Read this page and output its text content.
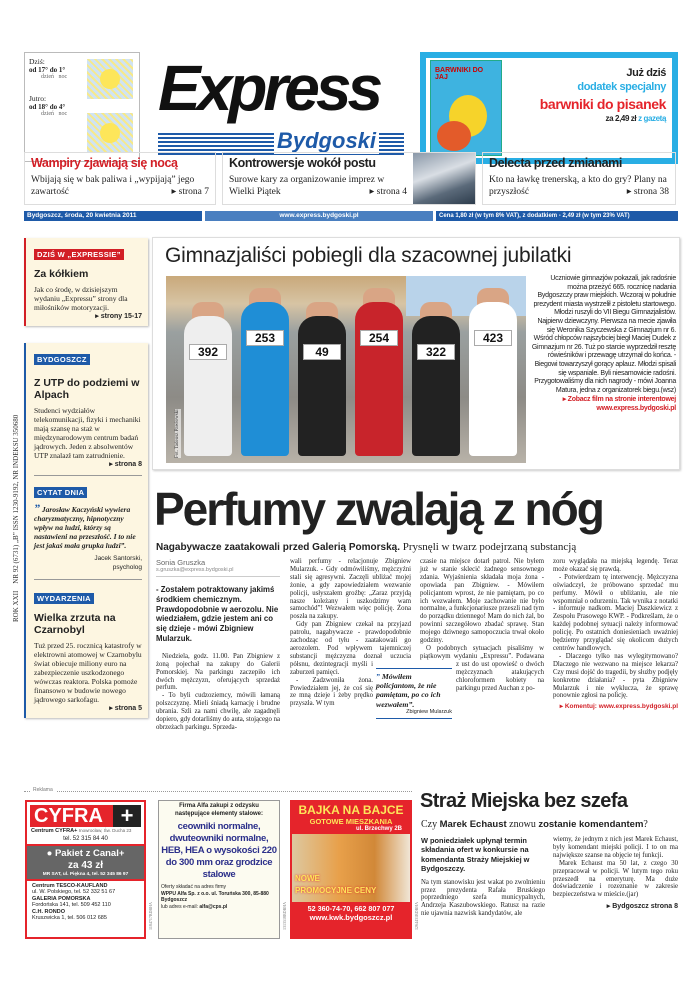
Dziś:
od 17° do 1°
dzień noc
Jutro:
od 18° do 4°
dzień noc	Express
Bydgoski
BARWNIKI DO JAJ	Już dziś
dodatek specjalny
barwniki do pisanek
za 2,49 zł z gazetą
Wampiry zjawiają się nocą
Wbijają się w bak paliwa i „wypijają” jego zawartość	▸ strona 7
Kontrowersje wokół postu
Surowe kary za organizowanie imprez w Wielki Piątek	▸ strona 4
Delecta przed zmianami
Kto na ławkę trenerską, a kto do gry? Plany na przyszłość	▸ strona 38
Bydgoszcz, środa, 20 kwietnia 2011	www.express.bydgoski.pl	Cena 1,80 zł (w tym 8% VAT), z dodatkiem - 2,49 zł (w tym 23% VAT)
ROK XXII    NR 92 (6731) „B” ISSN 1230-9192, NR INDEKSU 350680
DZIŚ W „EXPRESSIE”
Za kółkiem
Jak co środę, w dzisiejszym wydaniu „Expressu” strony dla miłośników motoryzacji.
▸ strony 15-17
BYDGOSZCZ
Z UTP do podziemi w Alpach
Studenci wydziałów telekomunikacji, fizyki i mechaniki mają szansę na staż w międzynarodowym centrum badań jądrowych. Jeden z absolwentów UTP znalazł tam zatrudnienie.
▸ strona 8
CYTAT DNIA
” Jarosław Kaczyński wywiera charyzmatyczny, hipnotyczny wpływ na ludzi, którzy są nastawieni na przeszłość. I to nie jest jakaś mała grupka ludzi”.
Jacek Santorski,
psycholog
WYDARZENIA
Wielka zrzuta na Czarnobyl
Tuż przed 25. rocznicą katastrofy w elektrowni atomowej w Czarnobylu świat obiecuje miliony euro na zabezpieczenie uszkodzonego wówczas reaktora. Polska pomoże finansowo w budowie nowego jądrowego sarkofagu.
▸ strona 5
Gimnazjaliści pobiegli dla szacownej jubilatki
392
253
49
254
322
423
Fot. Tadeusz Pawłowski
Uczniowie gimnazjów pokazali, jak radośnie można przeżyć 665. rocznicę nadania Bydgoszczy praw miejskich. Wczoraj w południe prezydent miasta wystrzelił z pistoletu startowego. Młodzi ruszyli do VII Biegu Gimnazjalistów. Najpierw dziewczyny. Pierwsza na mecie zjawiła się Weronika Szyczewska z Gimnazjum nr 6. Wśród chłopców najszybciej biegł Maciej Dudek z Gimnazjum nr 26. Tuż po starcie wyprzedził resztę rówieśników i przewagę utrzymał do końca. - Biegowi towarzyszył gorący aplauz. Młodzi spisali się wspaniale. Byli niesamowicie radośni. Przygotowaliśmy dla nich nagrody - mówi Joanna Matura, jedna z organizatorek biegu.(wsz)
▸ Zobacz film na stronie interentowej www.express.bydgoski.pl
Perfumy zwalają z nóg
Nagabywacze zaatakowali przed Galerią Pomorską. Prysnęli w twarz podejrzaną substancją
Sonia Gruszka
s.gruszka@express.bydgoski.pl
- Zostałem potraktowany jakimś środkiem chemicznym. Prawdopodobnie w aerozolu. Nie wiedziałem, gdzie jestem ani co się dzieje - mówi Zbigniew Mularzuk.

Niedziela, godz. 11.00. Pan Zbigniew z żoną pojechał na zakupy do Galerii Pomorskiej. Na parkingu zaczepiło ich dwóch mężczyzn, oferujących sprzedaż perfum.

- To byli cudzoziemcy, mówili łamaną polszczyznę. Mieli śniadą karnację i brudne ubrania. Szli za nami chwilę, ale zagadnęli dopiero, gdy dotarliśmy do auta, stojącego na obrzeżach parkingu. Sprzeda-

wali perfumy - relacjonuje Zbigniew Mularzuk. - Gdy odmówiliśmy, mężczyźni stali się agresywni. Zaczęli ubliżać mojej żonie, a gdy zapowiedziałem wezwanie policji, usłyszałem groźbę: „Zaraz przyjdą nasze koleżany i uszkodzimy wam samochód”! Wezwałem więc policję. Żona poszła na zakupy.

Gdy pan Zbigniew czekał na przyjazd patrolu, nagabywacze - prawdopodobnie zachodząc od tyłu - zaatakowali go aerozolem. Pod wpływem tajemniczej substancji mężczyzna doznał uczucia półsnu, dezintegracji myśli i zaburzeń pamięci.

- Zadzwoniła żona. Powiedziałem jej, że coś się ze mną dzieje i żeby prędko przyszła. W tym

” Mówiłem policjantom, że nie pamiętam, po co ich wezwałem”.
Zbigniew Mularzuk

czasie na miejsce dotarł patrol. Nie byłem już w stanie sklecić żadnego sensownego zdania. Wyjaśnienia składała moja żona - opowiada pan Zbigniew. - Mówiłem policjantom wprost, że nie pamiętam, po co ich wezwałem. Moje zachowanie nie było normalne, a funkcjonariusze przeszli nad tym do porządku dziennego! Mam do nich żal, bo powinni szczegółowo zbadać sprawę. Stan mojego dziwnego samopoczucia trwał około godziny.

O podobnych sytuacjach pisaliśmy w piątkowym wydaniu „Expressu”. Podawana z ust do ust opowieść o dwóch mężczyznach atakujących chloroformem kobiety na parkingu przed Auchan z po-

zoru wyglądała na miejską legendę. Teraz może okazać się prawdą.

- Potwierdzam tę interwencję. Mężczyzna oświadczył, że próbowano sprzedać mu perfumy. Mówił o ubliżaniu, ale nie wspomniał o odurzeniu. Tak wynika z notatki - informuje nadkom. Maciej Daszkiewicz z Zespołu Prasowego KWP. - Podkreślam, że o każdej podobnej sytuacji należy informować policję. Po ostatnich doniesieniach uważniej będziemy przyglądać się okolicom dużych centrów handlowych.

- Dlaczego tylko nas wylegitymowano? Dlaczego nie wezwano na miejsce lekarza? Czy musi dojść do tragedii, by służby podjęły konkretne działania? - pyta Zbigniew Mularzuk i nie wyklucza, że sprawę ponownie zgłosi na policję.

▸ Komentuj: www.express.bydgoski.pl
Reklama
CYFRA +
Centrum CYFRA+ Inowrocław, Św. Ducha 23
tel. 52 315 84 40
● Pakiet z Canal+
za 43 zł
MR SAT, ul. Piękna 4, tel. 52 345 86 97
Centrum TESCO-KAUFLAND
ul. W. Polskiego, tel. 52 332 51 67
GALERIA POMORSKA
Fordońska 141, tel. 509 452 110
C.H. RONDO
Kruszwicka 1, tel. 506 012 685	1184717BDBHA
Firma Alfa zakupi z odzysku następujące elementy stalowe:
ceowniki normalne, dwuteowniki normalne, HEB, HEA o wysokości 220 do 300 mm oraz grodzice stalowe
Oferty składać na adres firmy
WPPU Alfa Sp. z o.o. ul. Toruńska 300, 85-880 Bydgoszcz
lub adres e-mail: alfa@cps.pl	1313518BDBHA
BAJKA NA BAJCE
GOTOWE MIESZKANIA
ul. Brzechwy 2B
NOWE
PROMOCYJNE CENY
52 360-74-70, 662 807 077
www.kwk.bydgoszcz.pl	1264431BDBHA
Straż Miejska bez szefa
Czy Marek Echaust znowu zostanie komendantem?
W poniedziałek upłynął termin składania ofert w konkursie na komendanta Straży Miejskiej w Bydgoszczy.
Na tym stanowisku jest wakat po zwolnieniu przez prezydenta Rafała Bruskiego poprzedniego szefa municypalnych, Andrzeja Kaszubowskiego. Ratusz na razie nie ujawnia nazwisk kandydatów, ale
wiemy, że jednym z nich jest Marek Echaust, były komendant miejski policji. I to on ma największe szanse na objęcie tej funkcji.
Marek Echaust ma 50 lat, z czego 30 przepracował w policji. W lutym tego roku przeszedł na emeryturę. Ma duże doświadczenie i rozeznanie w zakresie bezpieczeństwa w mieście.(jar)
▸ Bydgoszcz strona 8
